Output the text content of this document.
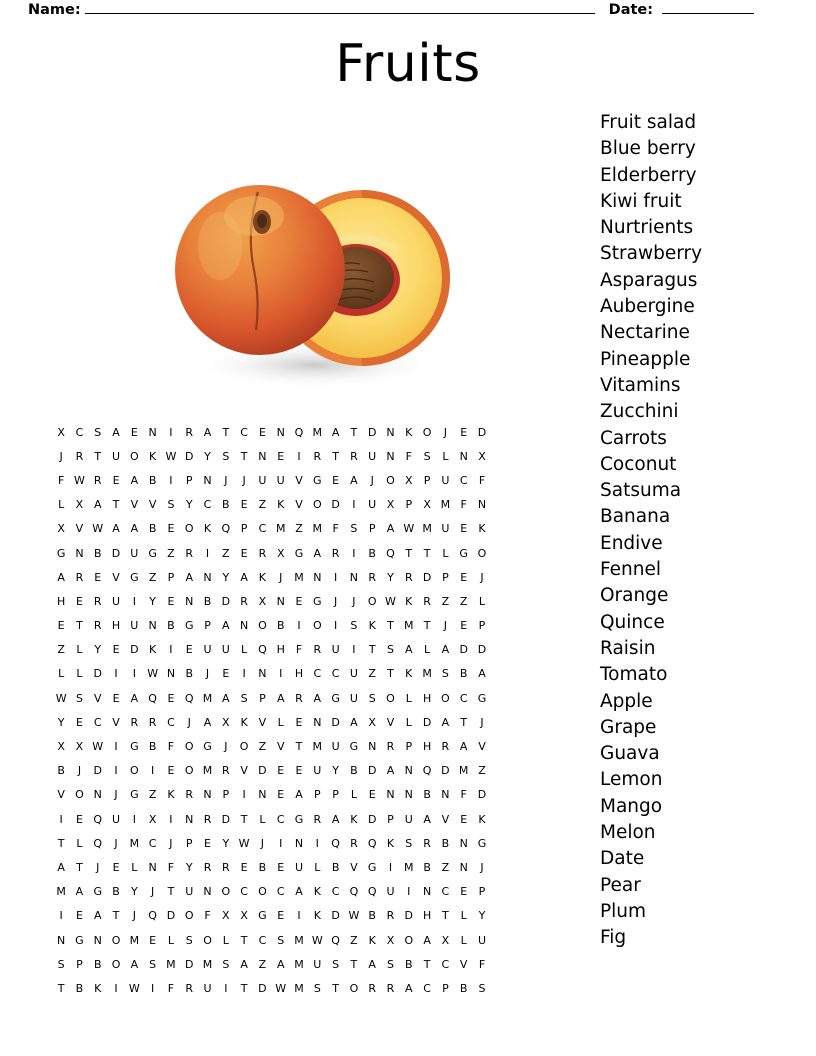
Name:	Date:
Fruits
Fruit salad
Blue berry
Elderberry
Kiwi fruit
Nurtrients
Strawberry
Asparagus
Aubergine
Nectarine
Pineapple
Vitamins
Zucchini
Carrots
Coconut
Satsuma
Banana
Endive
Fennel
Orange
Quince
Raisin
Tomato
Apple
Grape
Guava
Lemon
Mango
Melon
Date
Pear
Plum
Fig
X C S	A	E N	I	R A	T	C E N Q M A	T D N K O	J	E D
J	R	T U O K W D Y	S	T N E	I	R	T	R U N	F	S	L	N X
F W R	E	A B	I	P N	J	J	U U V G E	A	J	O X	P U C	F
L	X A	T	V V	S	Y	C B	E	Z K V O D	I	U X	P	X M F	N
X V W A A B	E O K Q P	C M Z M F	S	P	A W M U E	K
G N B D U G Z R	I	Z	E R X G A R	I	B Q T	T	L G O
A R	E	V G Z	P	A N Y	A K	J	M N	I	N R	Y	R D P	E	J
H E R U	I	Y	E N B D R X N E G	J	J	O W K R Z Z	L
E	T	R H U N B G P	A N O B	I	O	I	S	K	T M T	J	E	P
Z	L	Y	E D K	I	E U U	L Q H	F	R U	I	T	S	A	L	A D D
L	L D	I	I	W N B	J	E	I	N	I	H C C U Z	T	K M S	B A
W S	V	E	A Q E Q M A	S	P	A R A G U S O L	H O C G
Y	E C V R R C	J	A X K V	L	E N D A X V	L D A	T	J
X X W	I	G B	F O G	J	O Z V	T M U G N R	P H R A V
B	J	D	I	O	I	E O M R V D E	E U Y	B D A N Q D M Z
V O N	J	G Z K R N P	I	N E	A	P	P	L	E N N B N	F D
I	E Q U	I	X	I	N R D T	L	C G R A K D P U A V	E	K
T	L Q	J	M C	J	P	E	Y W	J	I	N	I	Q R Q K	S R B N G
A	T	J	E	L	N	F	Y	R R	E	B	E U	L	B V G	I	M B Z N	J
M A G B	Y	J	T U N O C O C A K C Q Q U	I	N C E	P
I	E	A	T	J	Q D O F	X X G E	I	K D W B R D H T	L	Y
N G N O M E	L	S O L	T	C S M W Q Z K X O A X	L	U
S	P	B O A	S M D M S	A Z A M U S	T	A	S	B	T	C V	F
T	B K	I	W	I	F	R U	I	T D W M S	T O R R A C	P	B	S
